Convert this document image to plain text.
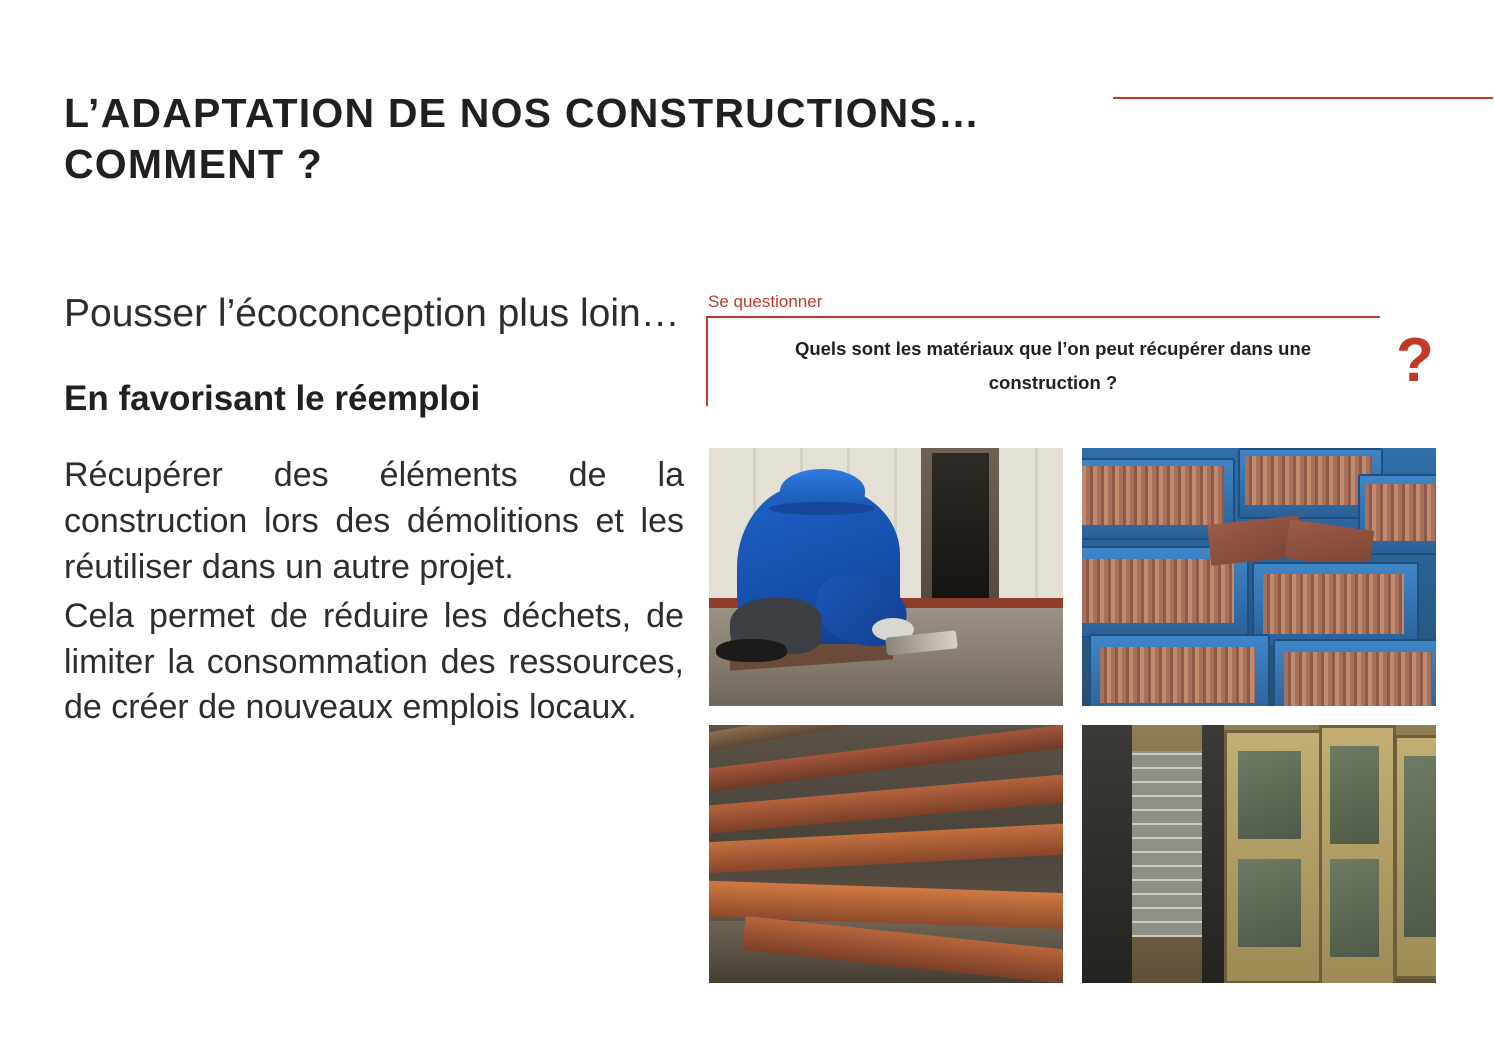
L’ADAPTATION DE NOS CONSTRUCTIONS… COMMENT ?

Pousser l’écoconception plus loin…

En favorisant le réemploi

Récupérer des éléments de la construction lors des démolitions et les réutiliser dans un autre projet.

Cela permet de réduire les déchets, de limiter la consommation des ressources, de créer de nouveaux emplois locaux.

Se questionner
Quels sont les matériaux que l’on peut récupérer dans une construction ?	?
